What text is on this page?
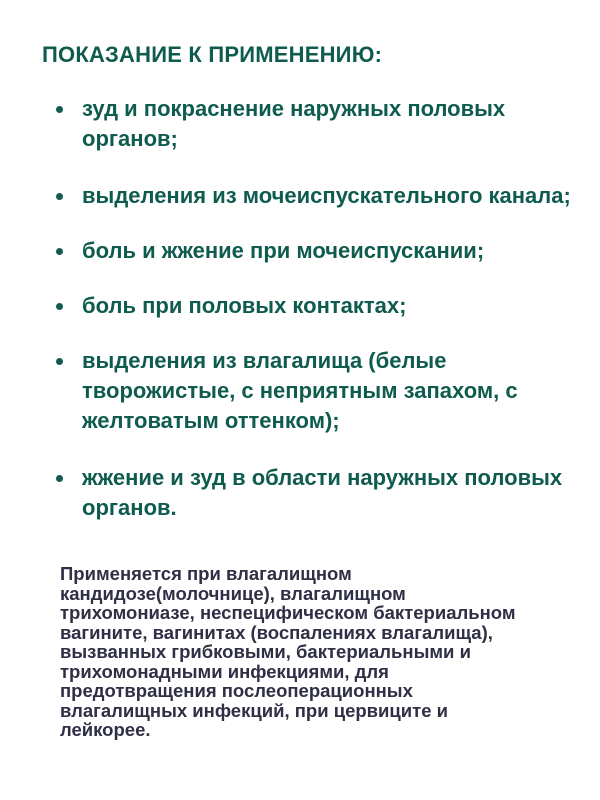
ПОКАЗАНИЕ К ПРИМЕНЕНИЮ:
зуд и покраснение наружных половых органов;
выделения из мочеиспускательного канала;
боль и жжение при мочеиспускании;
боль при половых контактах;
выделения из влагалища (белые творожистые, с неприятным запахом, с желтоватым оттенком);
жжение и зуд в области наружных половых органов.

Применяется при влагалищном кандидозе(молочнице), влагалищном трихомониазе, неспецифическом бактериальном вагините, вагинитах (воспалениях влагалища), вызванных грибковыми, бактериальными и трихомонадными инфекциями, для предотвращения послеоперационных влагалищных инфекций, при цервиците и лейкорее.
